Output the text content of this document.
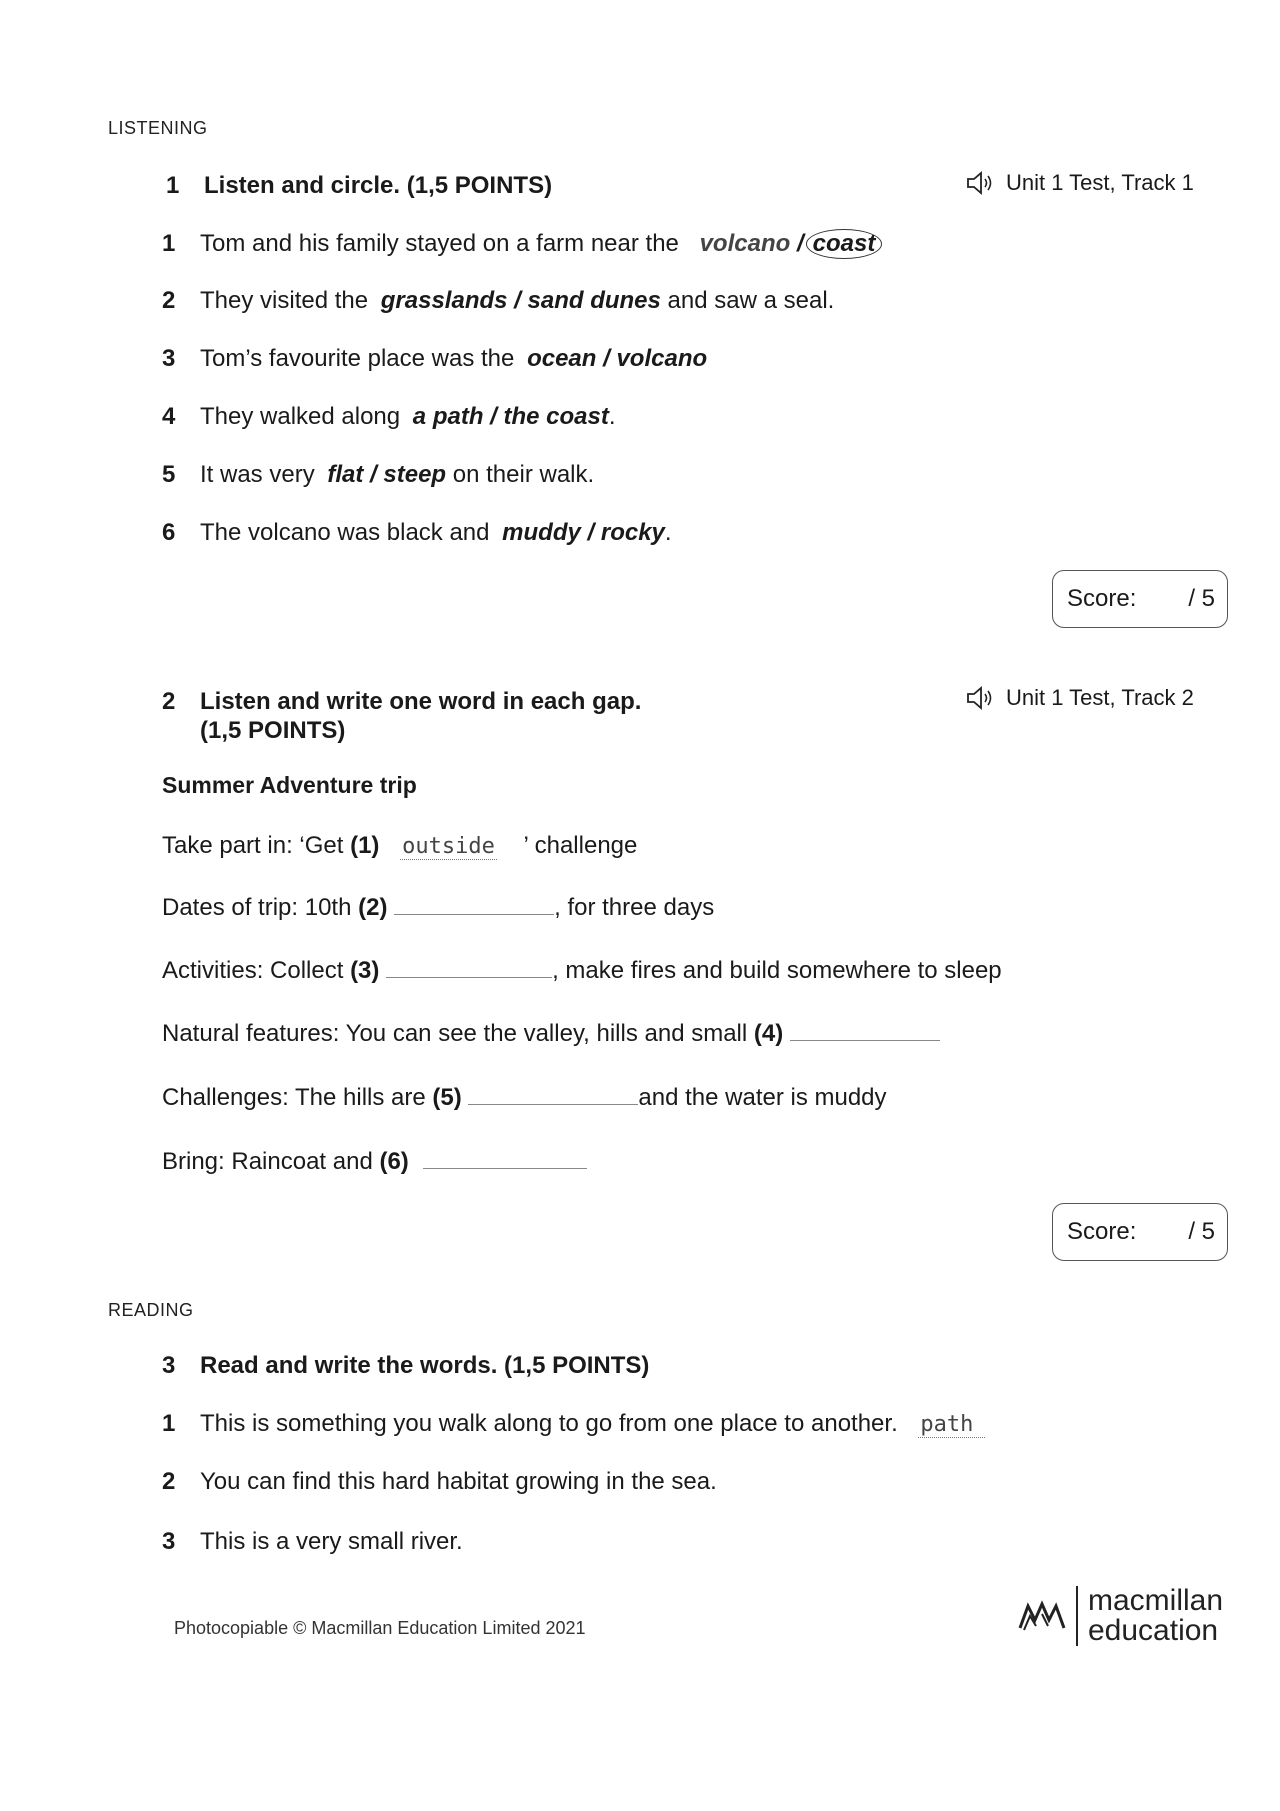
LISTENING
1 Listen and circle. (1,5 POINTS)	Unit 1 Test, Track 1
1 Tom and his family stayed on a farm near the volcano / coast
2 They visited the grasslands / sand dunes and saw a seal.
3 Tom’s favourite place was the ocean / volcano
4 They walked along a path / the coast.
5 It was very flat / steep on their walk.
6 The volcano was black and muddy / rocky.
Score: / 5
2 Listen and write one word in each gap.
(1,5 POINTS)
Unit 1 Test, Track 2
Summer Adventure trip
Take part in: ‘Get (1) outside ’ challenge
Dates of trip: 10th (2)	, for three days
Activities: Collect (3)	, make fires and build somewhere to sleep
Natural features: You can see the valley, hills and small (4)
Challenges: The hills are (5)	and the water is muddy
Bring: Raincoat and (6)
Score: / 5
READING
3 Read and write the words. (1,5 POINTS)
1 This is something you walk along to go from one place to another. path
2 You can find this hard habitat growing in the sea.
3 This is a very small river.
Photocopiable © Macmillan Education Limited 2021
macmillan
education
